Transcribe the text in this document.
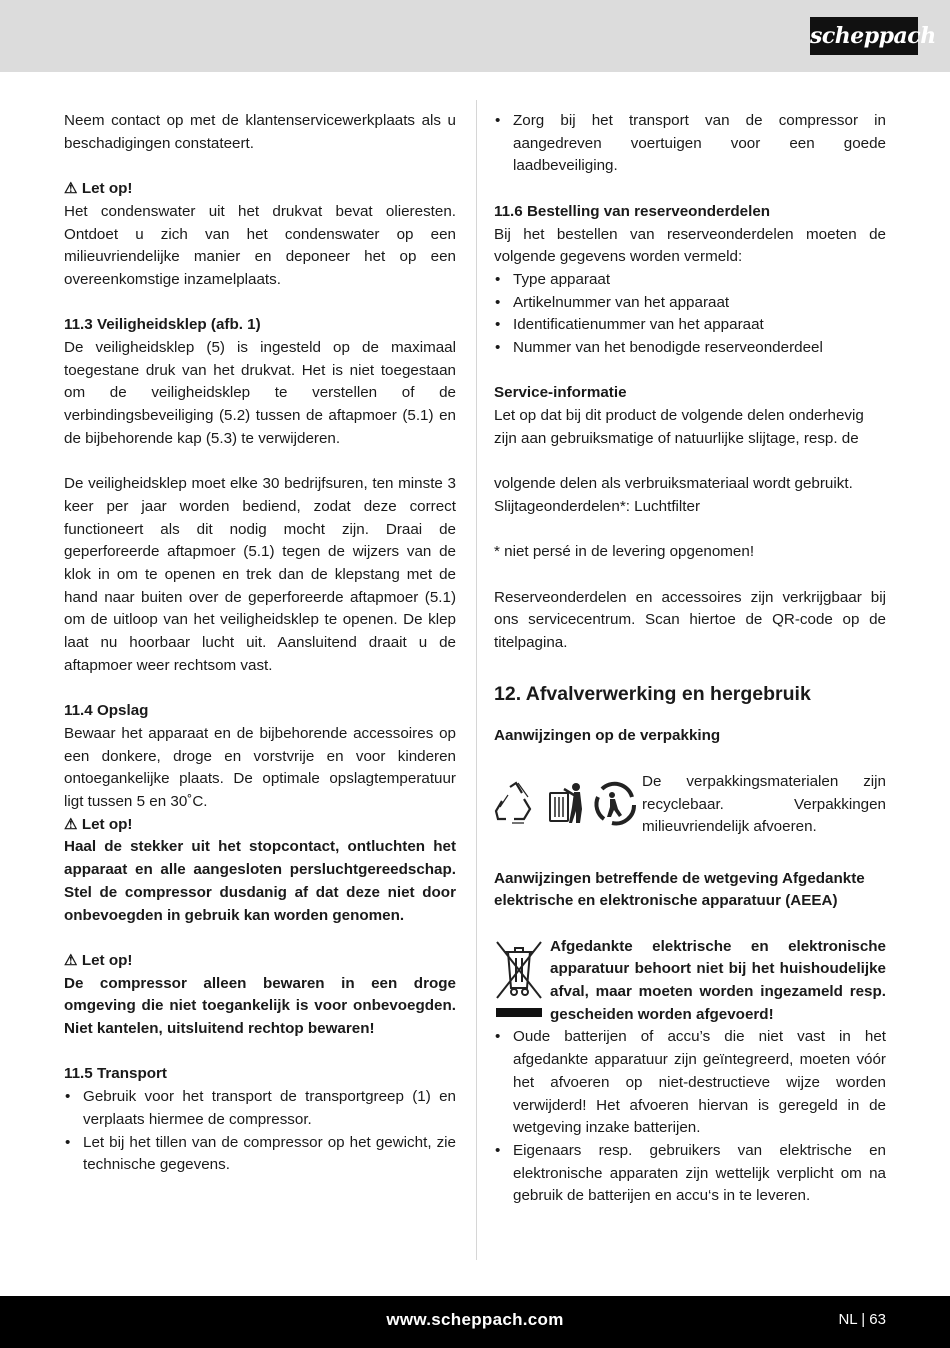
scheppach

Neem contact op met de klantenservicewerkplaats als u beschadigingen constateert.

⚠ Let op!

Het condenswater uit het drukvat bevat olieresten. Ontdoet u zich van het condenswater op een milieuvriendelijke manier en deponeer het op een overeenkomstige inzamelplaats.

11.3 Veiligheidsklep (afb. 1)

De veiligheidsklep (5) is ingesteld op de maximaal toegestane druk van het drukvat. Het is niet toegestaan om de veiligheidsklep te verstellen of de verbindingsbeveiliging (5.2) tussen de aftapmoer (5.1) en de bijbehorende kap (5.3) te verwijderen.

De veiligheidsklep moet elke 30 bedrijfsuren, ten minste 3 keer per jaar worden bediend, zodat deze correct functioneert als dit nodig mocht zijn. Draai de geperforeerde aftapmoer (5.1) tegen de wijzers van de klok in om te openen en trek dan de klepstang met de hand naar buiten over de geperforeerde aftapmoer (5.1) om de uitloop van het veiligheidsklep te openen. De klep laat nu hoorbaar lucht uit. Aansluitend draait u de aftapmoer weer rechtsom vast.

11.4 Opslag

Bewaar het apparaat en de bijbehorende accessoires op een donkere, droge en vorstvrije en voor kinderen ontoegankelijke plaats. De optimale opslagtemperatuur ligt tussen 5 en 30˚C.

⚠ Let op!

Haal de stekker uit het stopcontact, ontluchten het apparaat en alle aangesloten persluchtgereedschap. Stel de compressor dusdanig af dat deze niet door onbevoegden in gebruik kan worden genomen.

⚠ Let op!

De compressor alleen bewaren in een droge omgeving die niet toegankelijk is voor onbevoegden. Niet kantelen, uitsluitend rechtop bewaren!

11.5 Transport

• Gebruik voor het transport de transportgreep (1) en verplaats hiermee de compressor.
• Let bij het tillen van de compressor op het gewicht, zie technische gegevens.
• Zorg bij het transport van de compressor in aangedreven voertuigen voor een goede laadbeveiliging.

11.6 Bestelling van reserveonderdelen

Bij het bestellen van reserveonderdelen moeten de volgende gegevens worden vermeld:

• Type apparaat
• Artikelnummer van het apparaat
• Identificatienummer van het apparaat
• Nummer van het benodigde reserveonderdeel

Service-informatie

Let op dat bij dit product de volgende delen onderhevig zijn aan gebruiksmatige of natuurlijke slijtage, resp. de

volgende delen als verbruiksmateriaal wordt gebruikt.

Slijtageonderdelen*: Luchtfilter

* niet persé in de levering opgenomen!

Reserveonderdelen en accessoires zijn verkrijgbaar bij ons servicecentrum. Scan hiertoe de QR-code op de titelpagina.

12. Afvalverwerking en hergebruik

Aanwijzingen op de verpakking

De verpakkingsmaterialen zijn recyclebaar. Verpakkingen milieuvriendelijk afvoeren.

Aanwijzingen betreffende de wetgeving Afgedankte elektrische en elektronische apparatuur (AEEA)

Afgedankte elektrische en elektronische apparatuur behoort niet bij het huishoudelijke afval, maar moeten worden ingezameld resp. gescheiden worden afgevoerd!

• Oude batterijen of accu’s die niet vast in het afgedankte apparatuur zijn geïntegreerd, moeten vóór het afvoeren op niet-destructieve wijze worden verwijderd! Het afvoeren hiervan is geregeld in de wetgeving inzake batterijen.
• Eigenaars resp. gebruikers van elektrische en elektronische apparaten zijn wettelijk verplicht om na gebruik de batterijen en accu‘s in te leveren.
www.scheppach.com	NL | 63
